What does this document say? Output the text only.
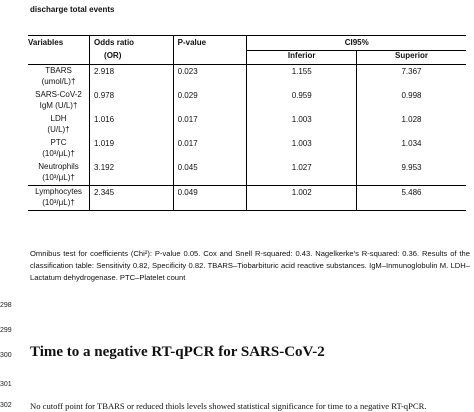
discharge total events
Variables	Odds ratio	P-value	CI95%	
	(OR)		Inferior	Superior
TBARS
(umol/L)†	2.918	0.023	1.155	7.367
SARS-CoV-2
IgM (U/L)†	0.978	0.029	0.959	0.998
LDH
(U/L)†	1.016	0.017	1.003	1.028
PTC
(10³/μL)†	1.019	0.017	1.003	1.034
Neutrophils
(10³/μL)†	3.192	0.045	1.027	9.953
Lymphocytes
(10³/μL)†	2.345	0.049	1.002	5.486
Omnibus test for coefficients (Chi²): P-value 0.05. Cox and Snell R-squared: 0.43. Nagelkerke's R-squared: 0.36. Results of the classification table: Sensitivity 0.82, Specificity 0.82. TBARS–Tiobarbituric acid reactive substances. IgM–Inmunoglobulin M. LDH–Lactatum dehydrogenase. PTC–Platelet count
298
299
300
301
302
Time to a negative RT-qPCR for SARS-CoV-2
No cutoff point for TBARS or reduced thiols levels showed statistical significance for time to a negative RT-qPCR.
